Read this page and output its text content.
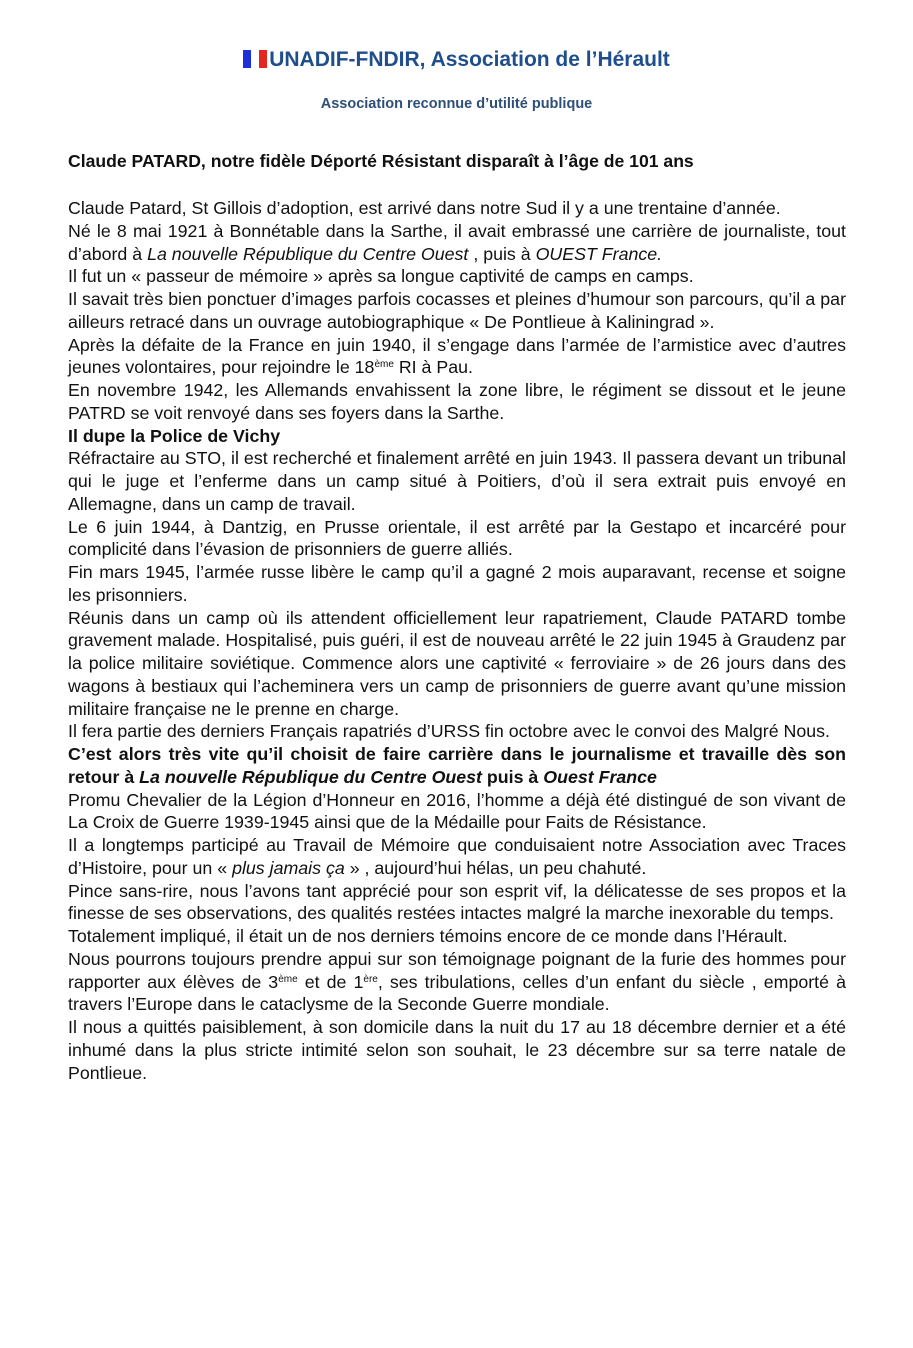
UNADIF-FNDIR, Association de l’Hérault
Association reconnue d’utilité publique
Claude PATARD, notre fidèle Déporté Résistant disparaît à l’âge de 101 ans

Claude Patard, St Gillois d’adoption, est arrivé dans notre Sud il y a une trentaine d’année.

Né le 8 mai 1921 à Bonnétable dans la Sarthe, il avait embrassé une carrière de journaliste, tout d’abord à La nouvelle République du Centre Ouest , puis à OUEST France.

Il fut un « passeur de mémoire » après sa longue captivité de camps en camps.

Il savait très bien ponctuer d’images parfois cocasses et pleines d’humour son parcours, qu’il a par ailleurs retracé dans un ouvrage autobiographique « De Pontlieue à Kaliningrad ».

Après la défaite de la France en juin 1940, il s’engage dans l’armée de l’armistice avec d’autres jeunes volontaires, pour rejoindre le 18ème RI à Pau.

En novembre 1942, les Allemands envahissent la zone libre, le régiment se dissout et le jeune PATRD se voit renvoyé dans ses foyers dans la Sarthe.

Il dupe la Police de Vichy

Réfractaire au STO, il est recherché et finalement arrêté en juin 1943. Il passera devant un tribunal qui le juge et l’enferme dans un camp situé à Poitiers, d’où il sera extrait puis envoyé en Allemagne, dans un camp de travail.

Le 6 juin 1944, à Dantzig, en Prusse orientale, il est arrêté par la Gestapo et incarcéré pour complicité dans l’évasion de prisonniers de guerre alliés.

Fin mars 1945, l’armée russe libère le camp qu’il a gagné 2 mois auparavant, recense et soigne les prisonniers.

Réunis dans un camp où ils attendent officiellement leur rapatriement, Claude PATARD tombe gravement malade. Hospitalisé, puis guéri, il est de nouveau arrêté le 22 juin 1945 à Graudenz par la police militaire soviétique. Commence alors une captivité « ferroviaire » de 26 jours dans des wagons à bestiaux qui l’acheminera vers un camp de prisonniers de guerre avant qu’une mission militaire française ne le prenne en charge.

Il fera partie des derniers Français rapatriés d’URSS fin octobre avec le convoi des Malgré Nous.

C’est alors très vite qu’il choisit de faire carrière dans le journalisme et travaille dès son retour à La nouvelle République du Centre Ouest puis à Ouest France

Promu Chevalier de la Légion d’Honneur en 2016, l’homme a déjà été distingué de son vivant de La Croix de Guerre 1939-1945 ainsi que de la Médaille pour Faits de Résistance.

Il a longtemps participé au Travail de Mémoire que conduisaient notre Association avec Traces d’Histoire, pour un « plus jamais ça » , aujourd’hui hélas, un peu chahuté.

Pince sans-rire, nous l’avons tant apprécié pour son esprit vif, la délicatesse de ses propos et la finesse de ses observations, des qualités restées intactes malgré la marche inexorable du temps.

Totalement impliqué, il était un de nos derniers témoins encore de ce monde dans l’Hérault.

Nous pourrons toujours prendre appui sur son témoignage poignant de la furie des hommes pour rapporter aux élèves de 3ème et de 1ère, ses tribulations, celles d’un enfant du siècle , emporté à travers l’Europe dans le cataclysme de la Seconde Guerre mondiale.

Il nous a quittés paisiblement, à son domicile dans la nuit du 17 au 18 décembre dernier et a été inhumé dans la plus stricte intimité selon son souhait, le 23 décembre sur sa terre natale de Pontlieue.
